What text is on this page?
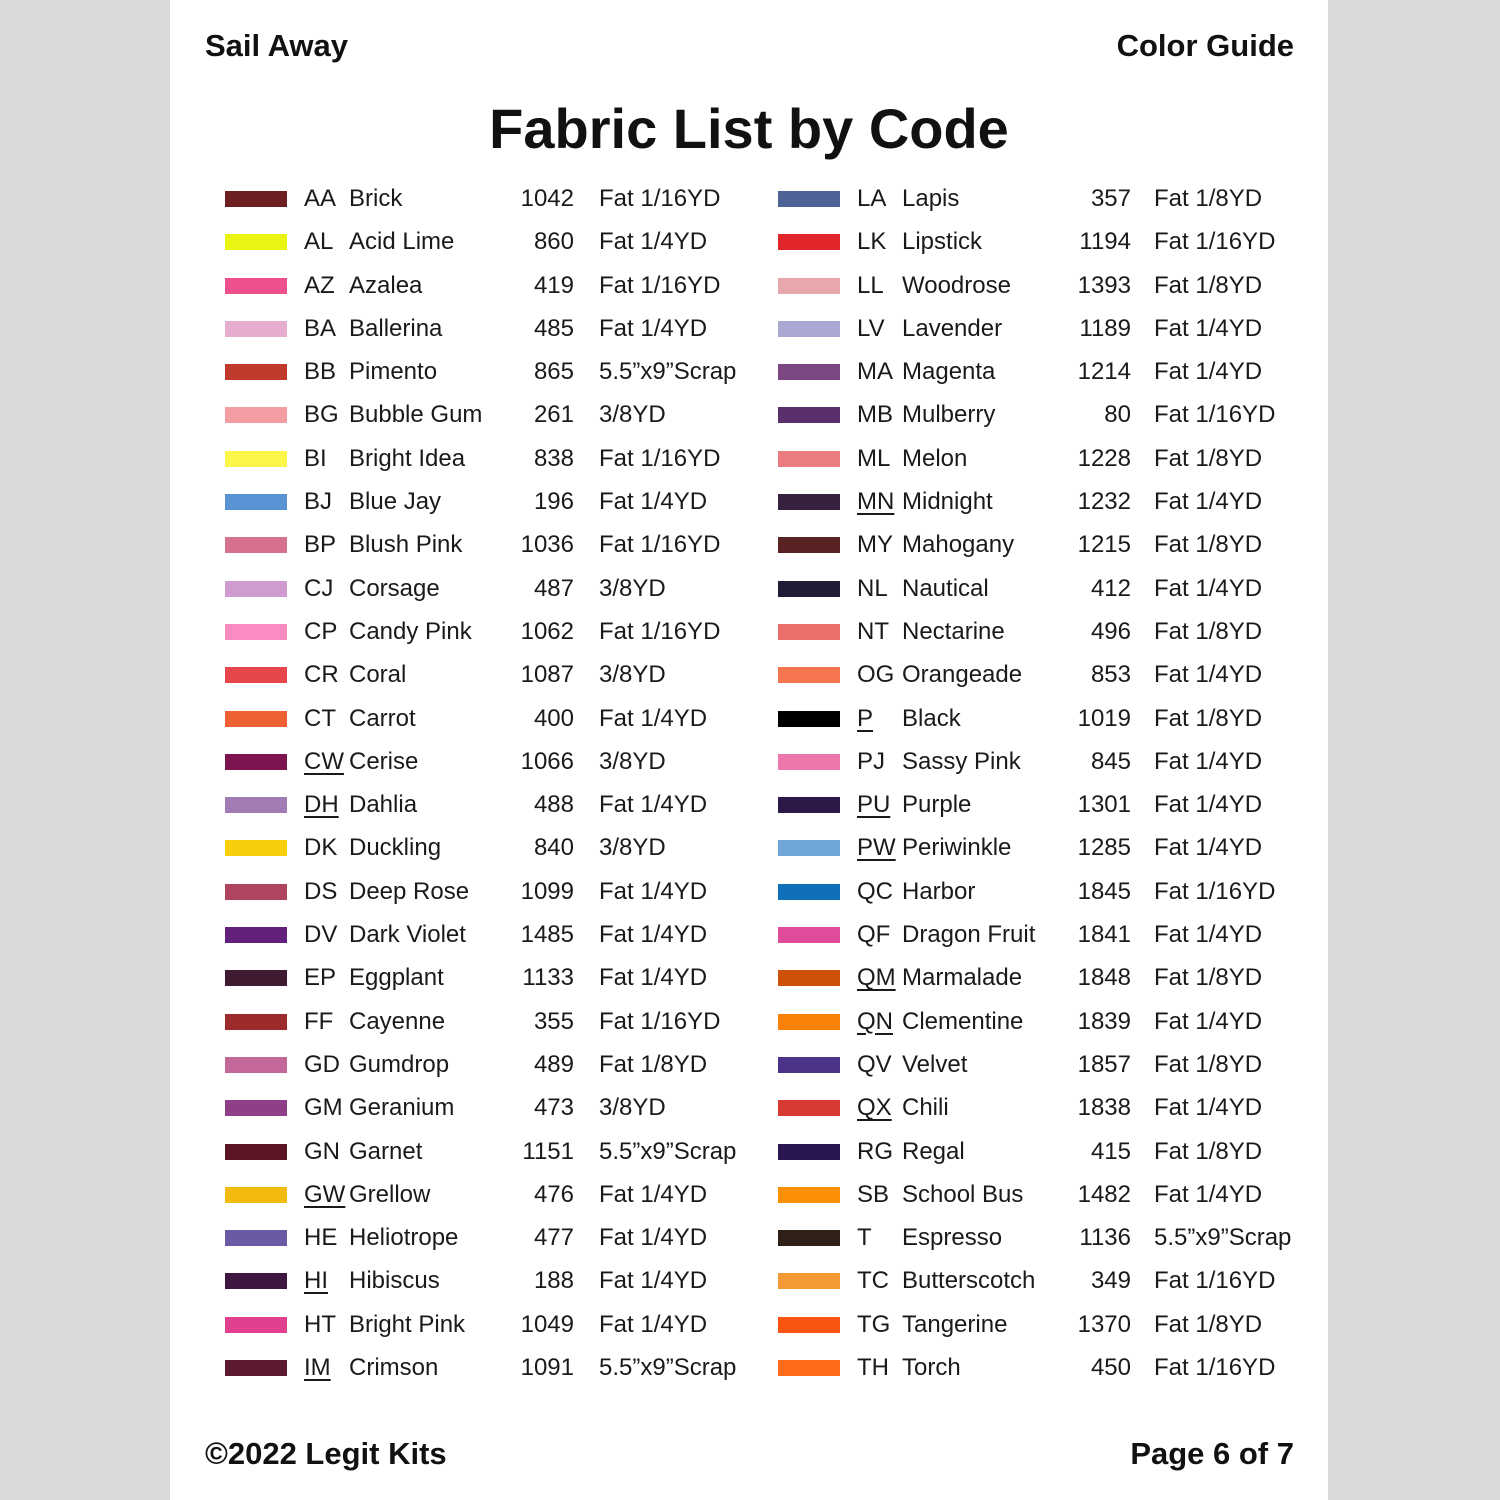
Sail Away	Color Guide
Fabric List by Code
AA Brick	1042 Fat 1/16YD
AL Acid Lime	860 Fat 1/4YD
AZ Azalea	419 Fat 1/16YD
BA Ballerina	485 Fat 1/4YD
BB Pimento	865 5.5”x9”Scrap
BG Bubble Gum	261 3/8YD
BI Bright Idea	838 Fat 1/16YD
BJ Blue Jay	196 Fat 1/4YD
BP Blush Pink	1036 Fat 1/16YD
CJ Corsage	487 3/8YD
CP Candy Pink	1062 Fat 1/16YD
CR Coral	1087 3/8YD
CT Carrot	400 Fat 1/4YD
CW Cerise	1066 3/8YD
DH Dahlia	488 Fat 1/4YD
DK Duckling	840 3/8YD
DS Deep Rose	1099 Fat 1/4YD
DV Dark Violet	1485 Fat 1/4YD
EP Eggplant	1133 Fat 1/4YD
FF Cayenne	355 Fat 1/16YD
GD Gumdrop	489 Fat 1/8YD
GM Geranium	473 3/8YD
GN Garnet	1151 5.5”x9”Scrap
GW Grellow	476 Fat 1/4YD
HE Heliotrope	477 Fat 1/4YD
HI Hibiscus	188 Fat 1/4YD
HT Bright Pink	1049 Fat 1/4YD
IM Crimson	1091 5.5”x9”Scrap
LA Lapis	357 Fat 1/8YD
LK Lipstick	1194 Fat 1/16YD
LL Woodrose	1393 Fat 1/8YD
LV Lavender	1189 Fat 1/4YD
MA Magenta	1214 Fat 1/4YD
MB Mulberry	80 Fat 1/16YD
ML Melon	1228 Fat 1/8YD
MN Midnight	1232 Fat 1/4YD
MY Mahogany	1215 Fat 1/8YD
NL Nautical	412 Fat 1/4YD
NT Nectarine	496 Fat 1/8YD
OG Orangeade	853 Fat 1/4YD
P Black	1019 Fat 1/8YD
PJ Sassy Pink	845 Fat 1/4YD
PU Purple	1301 Fat 1/4YD
PW Periwinkle	1285 Fat 1/4YD
QC Harbor	1845 Fat 1/16YD
QF Dragon Fruit	1841 Fat 1/4YD
QM Marmalade	1848 Fat 1/8YD
QN Clementine	1839 Fat 1/4YD
QV Velvet	1857 Fat 1/8YD
QX Chili	1838 Fat 1/4YD
RG Regal	415 Fat 1/8YD
SB School Bus	1482 Fat 1/4YD
T Espresso	1136 5.5”x9”Scrap
TC Butterscotch	349 Fat 1/16YD
TG Tangerine	1370 Fat 1/8YD
TH Torch	450 Fat 1/16YD
©2022 Legit Kits	Page 6 of 7
